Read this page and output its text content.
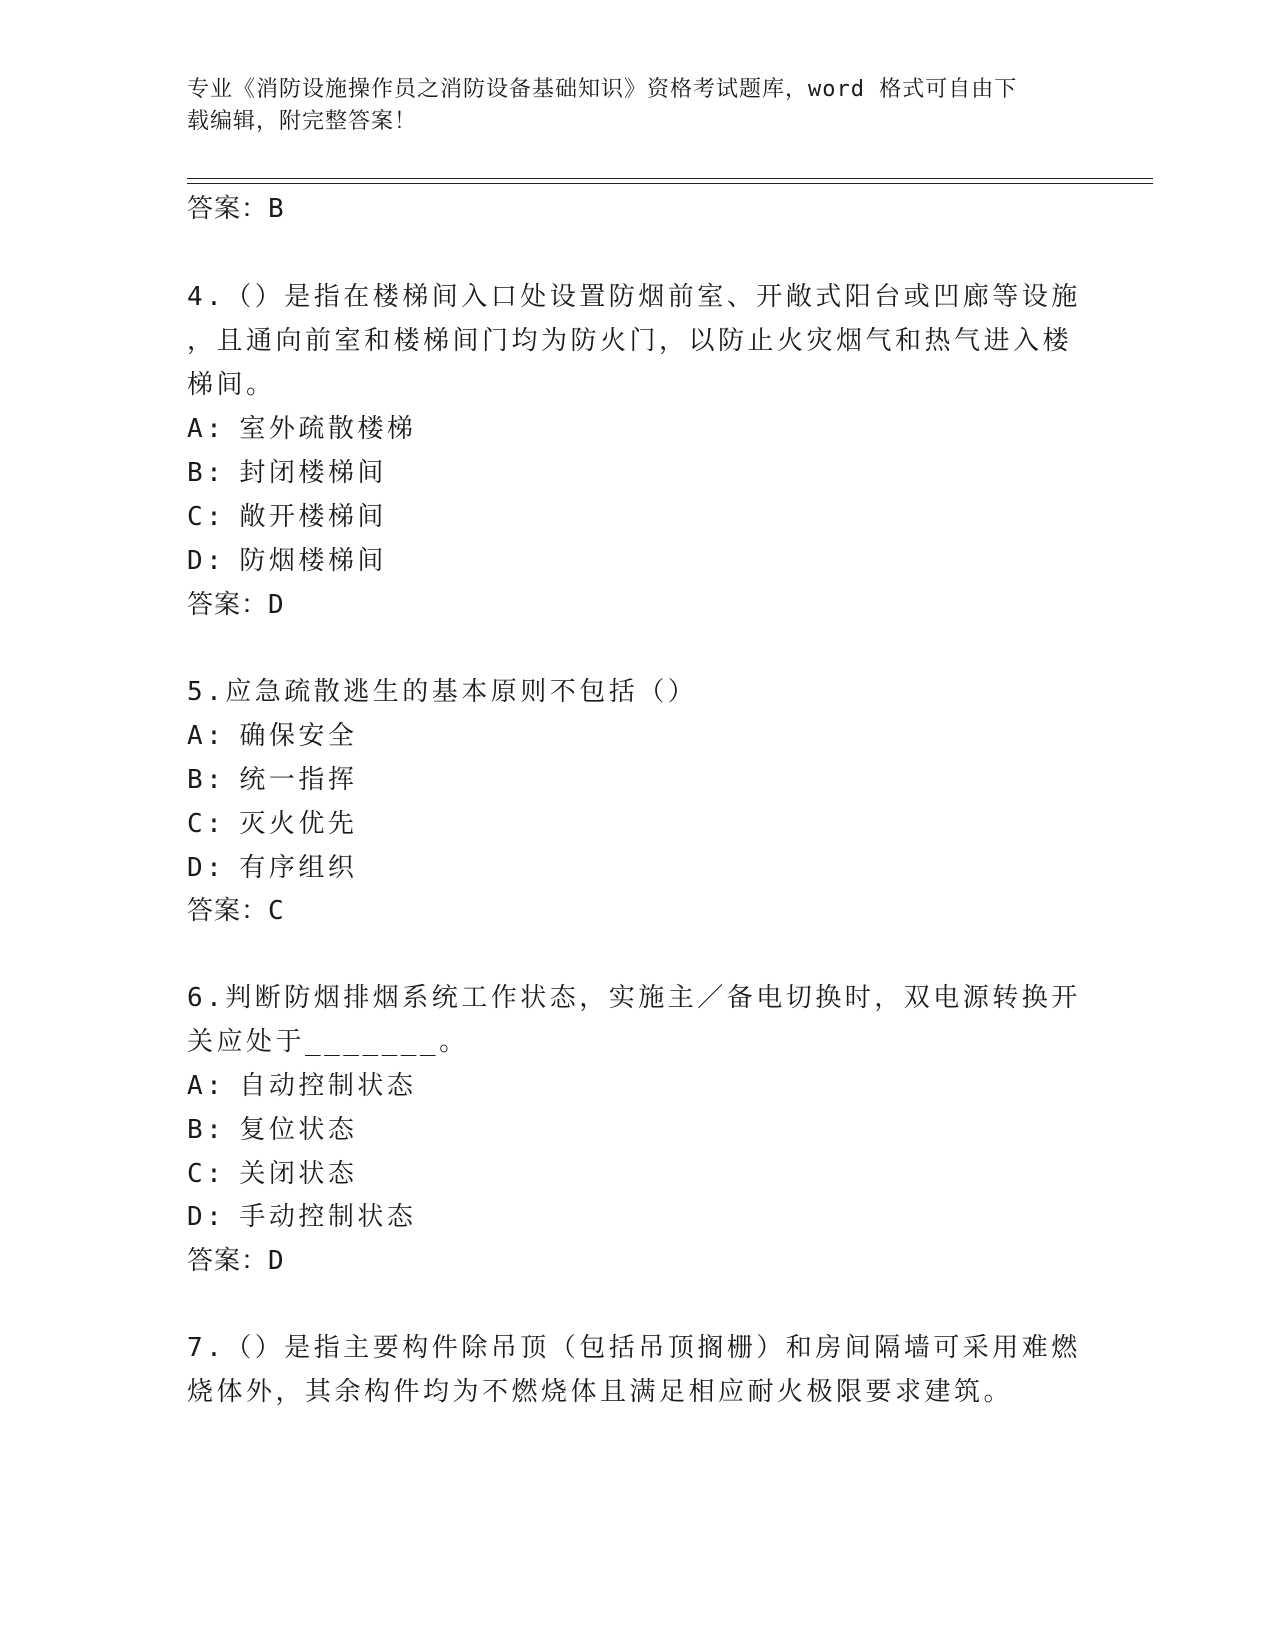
专业《消防设施操作员之消防设备基础知识》资格考试题库，word 格式可自由下
载编辑，附完整答案！
答案：B
4.（）是指在楼梯间入口处设置防烟前室、开敞式阳台或凹廊等设施
，且通向前室和楼梯间门均为防火门，以防止火灾烟气和热气进入楼
梯间。
A: 室外疏散楼梯
B: 封闭楼梯间
C: 敞开楼梯间
D: 防烟楼梯间
答案：D
5.应急疏散逃生的基本原则不包括（）
A: 确保安全
B: 统一指挥
C: 灭火优先
D: 有序组织
答案：C
6.判断防烟排烟系统工作状态，实施主／备电切换时，双电源转换开
关应处于_______。
A: 自动控制状态
B: 复位状态
C: 关闭状态
D: 手动控制状态
答案：D
7.（）是指主要构件除吊顶（包括吊顶搁栅）和房间隔墙可采用难燃
烧体外，其余构件均为不燃烧体且满足相应耐火极限要求建筑。
